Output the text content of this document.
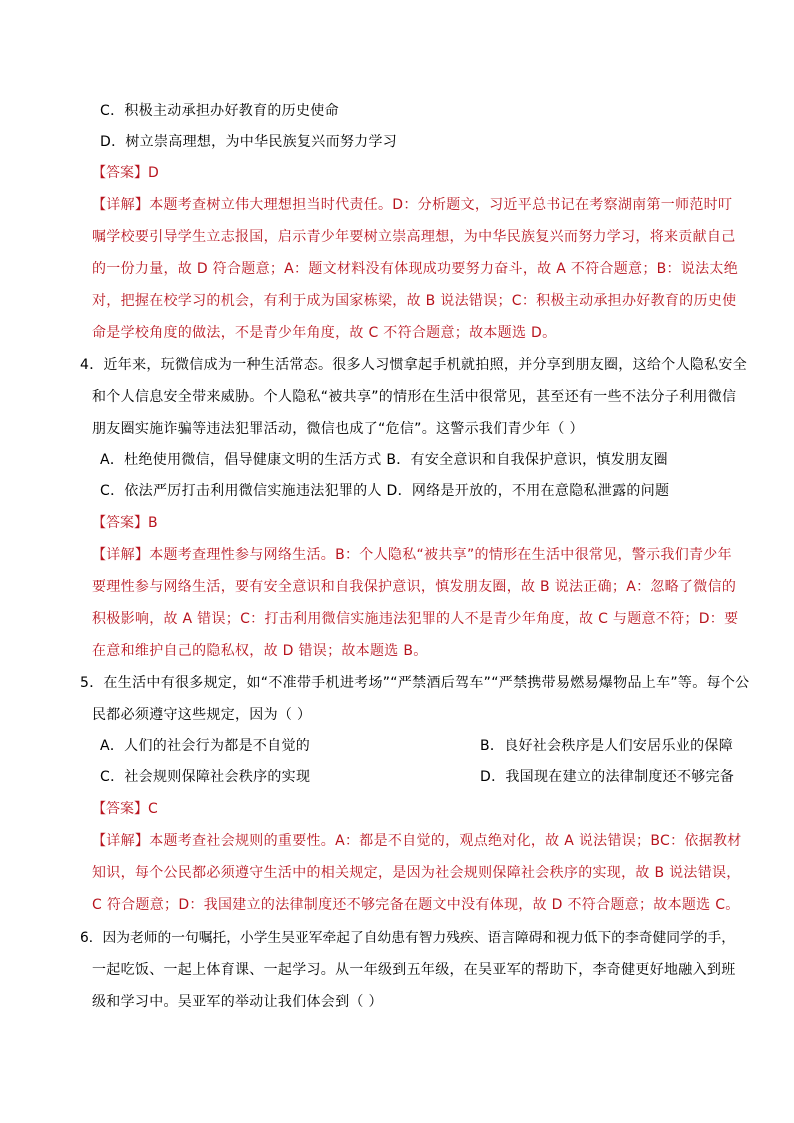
C．积极主动承担办好教育的历史使命
D．树立崇高理想，为中华民族复兴而努力学习
【答案】D
【详解】本题考查树立伟大理想担当时代责任。D：分析题文，习近平总书记在考察湖南第一师范时叮
嘱学校要引导学生立志报国，启示青少年要树立崇高理想，为中华民族复兴而努力学习，将来贡献自己
的一份力量，故 D 符合题意；A：题文材料没有体现成功要努力奋斗，故 A 不符合题意；B：说法太绝
对，把握在校学习的机会，有利于成为国家栋梁，故 B 说法错误；C：积极主动承担办好教育的历史使
命是学校角度的做法，不是青少年角度，故 C 不符合题意；故本题选 D。
4．近年来，玩微信成为一种生活常态。很多人习惯拿起手机就拍照，并分享到朋友圈，这给个人隐私安全
和个人信息安全带来威胁。个人隐私“被共享”的情形在生活中很常见，甚至还有一些不法分子利用微信
朋友圈实施诈骗等违法犯罪活动，微信也成了“危信”。这警示我们青少年（ ）
A．杜绝使用微信，倡导健康文明的生活方式 B．有安全意识和自我保护意识，慎发朋友圈
C．依法严厉打击利用微信实施违法犯罪的人 D．网络是开放的，不用在意隐私泄露的问题
【答案】B
【详解】本题考查理性参与网络生活。B：个人隐私“被共享”的情形在生活中很常见，警示我们青少年
要理性参与网络生活，要有安全意识和自我保护意识，慎发朋友圈，故 B 说法正确；A：忽略了微信的
积极影响，故 A 错误；C：打击利用微信实施违法犯罪的人不是青少年角度，故 C 与题意不符；D：要
在意和维护自己的隐私权，故 D 错误；故本题选 B。
5．在生活中有很多规定，如“不准带手机进考场”“严禁酒后驾车”“严禁携带易燃易爆物品上车”等。每个公
民都必须遵守这些规定，因为（ ）
A．人们的社会行为都是不自觉的	B．良好社会秩序是人们安居乐业的保障
C．社会规则保障社会秩序的实现	D．我国现在建立的法律制度还不够完备
【答案】C
【详解】本题考查社会规则的重要性。A：都是不自觉的，观点绝对化，故 A 说法错误；BC：依据教材
知识，每个公民都必须遵守生活中的相关规定，是因为社会规则保障社会秩序的实现，故 B 说法错误，
C 符合题意；D：我国建立的法律制度还不够完备在题文中没有体现，故 D 不符合题意；故本题选 C。
6．因为老师的一句嘱托，小学生吴亚军牵起了自幼患有智力残疾、语言障碍和视力低下的李奇健同学的手，
一起吃饭、一起上体育课、一起学习。从一年级到五年级，在吴亚军的帮助下，李奇健更好地融入到班
级和学习中。吴亚军的举动让我们体会到（ ）
